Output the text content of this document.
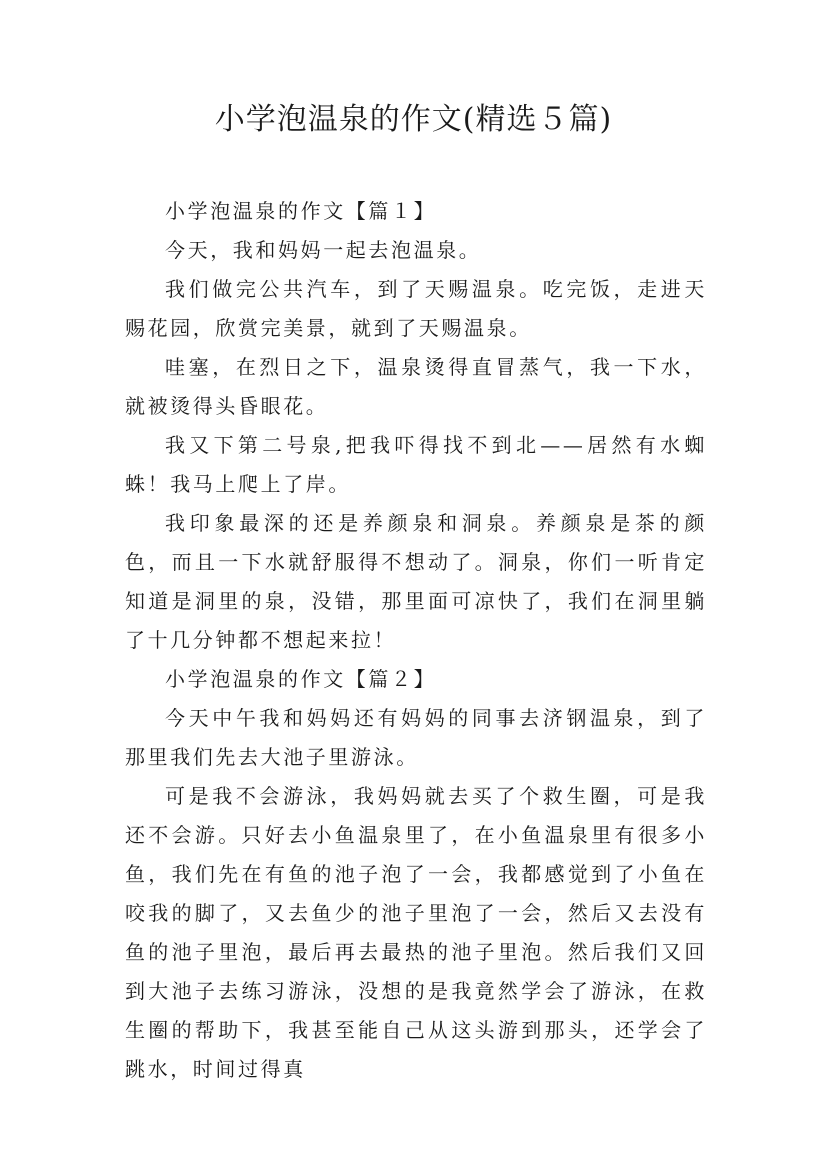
小学泡温泉的作文(精选５篇)

小学泡温泉的作文【篇１】

今天，我和妈妈一起去泡温泉。

我们做完公共汽车，到了天赐温泉。吃完饭，走进天赐花园，欣赏完美景，就到了天赐温泉。

哇塞，在烈日之下，温泉烫得直冒蒸气，我一下水，就被烫得头昏眼花。

我又下第二号泉,把我吓得找不到北——居然有水蜘蛛！我马上爬上了岸。

我印象最深的还是养颜泉和洞泉。养颜泉是茶的颜色，而且一下水就舒服得不想动了。洞泉，你们一听肯定知道是洞里的泉，没错，那里面可凉快了，我们在洞里躺了十几分钟都不想起来拉！

小学泡温泉的作文【篇２】

今天中午我和妈妈还有妈妈的同事去济钢温泉，到了那里我们先去大池子里游泳。

可是我不会游泳，我妈妈就去买了个救生圈，可是我还不会游。只好去小鱼温泉里了，在小鱼温泉里有很多小鱼，我们先在有鱼的池子泡了一会，我都感觉到了小鱼在咬我的脚了，又去鱼少的池子里泡了一会，然后又去没有鱼的池子里泡，最后再去最热的池子里泡。然后我们又回到大池子去练习游泳，没想的是我竟然学会了游泳，在救生圈的帮助下，我甚至能自己从这头游到那头，还学会了跳水，时间过得真
